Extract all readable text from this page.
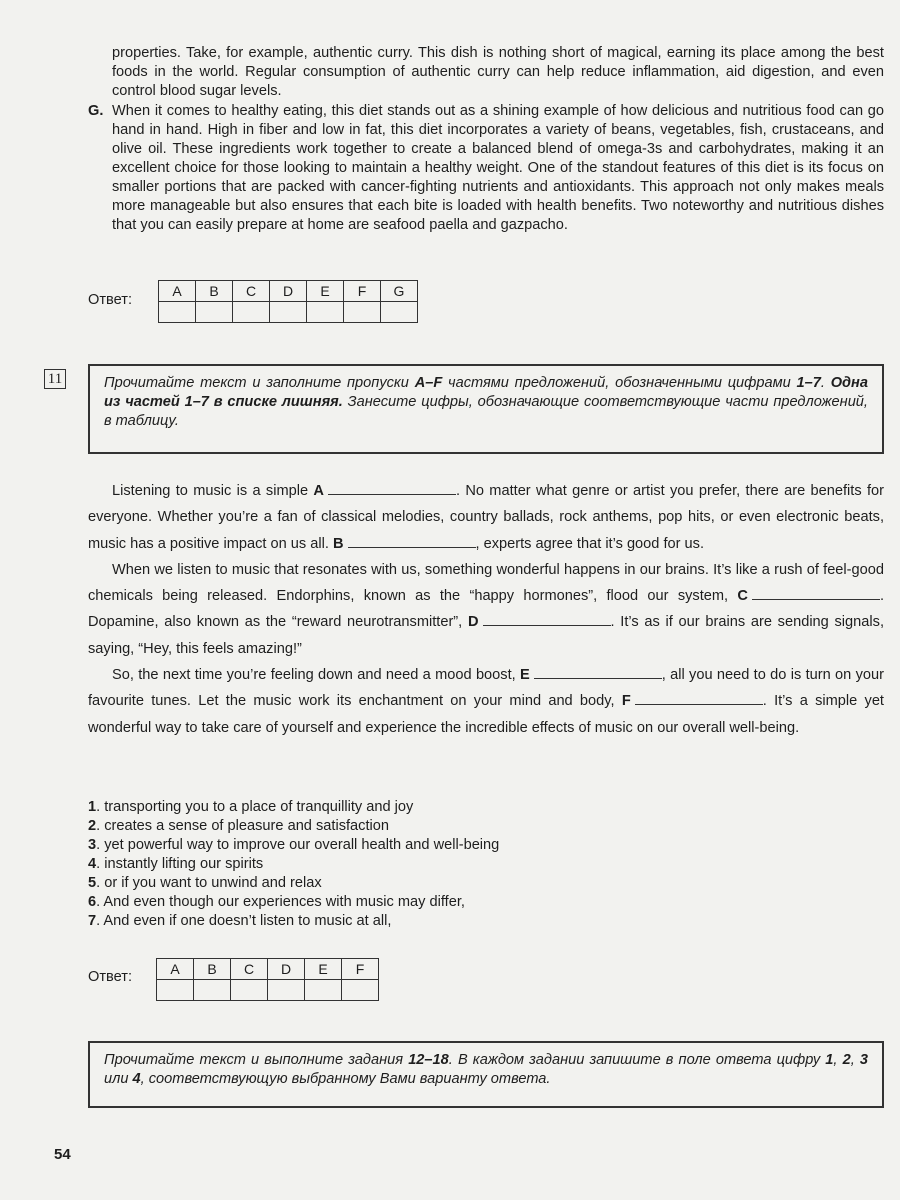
properties. Take, for example, authentic curry. This dish is nothing short of magical, earning its place among the best foods in the world. Regular consumption of authentic curry can help reduce inflammation, aid digestion, and even control blood sugar levels.
G. When it comes to healthy eating, this diet stands out as a shining example of how delicious and nutritious food can go hand in hand. High in fiber and low in fat, this diet incorporates a variety of beans, vegetables, fish, crustaceans, and olive oil. These ingredients work together to create a balanced blend of omega-3s and carbohydrates, making it an excellent choice for those looking to maintain a healthy weight. One of the standout features of this diet is its focus on smaller portions that are packed with cancer-fighting nutrients and antioxidants. This approach not only makes meals more manageable but also ensures that each bite is loaded with health benefits. Two noteworthy and nutritious dishes that you can easily prepare at home are seafood paella and gazpacho.
Ответ:
A	B	C	D	E	F	G

11	Прочитайте текст и заполните пропуски A–F частями предложений, обозначенными цифрами 1–7. Одна из частей 1–7 в списке лишняя. Занесите цифры, обозначающие соответствующие части предложений, в таблицу.

Listening to music is a simple A	. No matter what genre or artist you prefer, there are benefits for everyone. Whether you’re a fan of classical melodies, country ballads, rock anthems, pop hits, or even electronic beats, music has a positive impact on us all. B	, experts agree that it’s good for us.

When we listen to music that resonates with us, something wonderful happens in our brains. It’s like a rush of feel-good chemicals being released. Endorphins, known as the “happy hormones”, flood our system, C	. Dopamine, also known as the “reward neurotransmitter”, D	. It’s as if our brains are sending signals, saying, “Hey, this feels amazing!”

So, the next time you’re feeling down and need a mood boost, E	, all you need to do is turn on your favourite tunes. Let the music work its enchantment on your mind and body, F	. It’s a simple yet wonderful way to take care of yourself and experience the incredible effects of music on our overall well-being.

1. transporting you to a place of tranquillity and joy
2. creates a sense of pleasure and satisfaction
3. yet powerful way to improve our overall health and well-being
4. instantly lifting our spirits
5. or if you want to unwind and relax
6. And even though our experiences with music may differ,
7. And even if one doesn’t listen to music at all,
Ответ:	A	B	C	D	E	F

Прочитайте текст и выполните задания 12–18. В каждом задании запишите в поле ответа цифру 1, 2, 3 или 4, соответствующую выбранному Вами варианту ответа.
54
